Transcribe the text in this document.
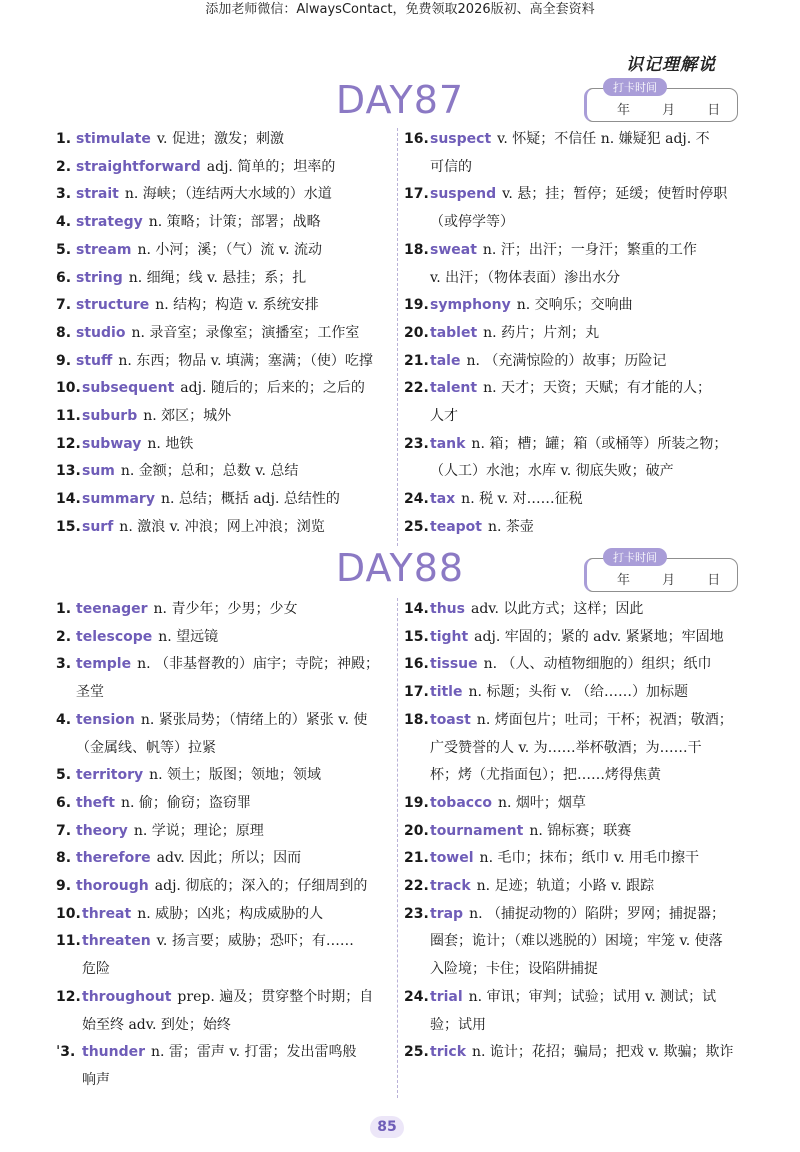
添加老师微信：AlwaysContact，免费领取2026版初、高全套资料
识记理解说
DAY87	打卡时间
年 月 日
1. stimulate v. 促进；激发；刺激
2. straightforward adj. 简单的；坦率的
3. strait n. 海峡；（连结两大水域的）水道
4. strategy n. 策略；计策；部署；战略
5. stream n. 小河；溪；（气）流 v. 流动
6. string n. 细绳；线 v. 悬挂；系；扎
7. structure n. 结构；构造 v. 系统安排
8. studio n. 录音室；录像室；演播室；工作室
9. stuff n. 东西；物品 v. 填满；塞满；（使）吃撑
10. subsequent adj. 随后的；后来的；之后的
11. suburb n. 郊区；城外
12. subway n. 地铁
13. sum n. 金额；总和；总数 v. 总结
14. summary n. 总结；概括 adj. 总结性的
15. surf n. 激浪 v. 冲浪；网上冲浪；浏览
16. suspect v. 怀疑；不信任 n. 嫌疑犯 adj. 不
可信的
17. suspend v. 悬；挂；暂停；延缓；使暂时停职
（或停学等）
18. sweat n. 汗；出汗；一身汗；繁重的工作
v. 出汗；（物体表面）渗出水分
19. symphony n. 交响乐；交响曲
20. tablet n. 药片；片剂；丸
21. tale n. （充满惊险的）故事；历险记
22. talent n. 天才；天资；天赋；有才能的人；
人才
23. tank n. 箱；槽；罐；箱（或桶等）所装之物；
（人工）水池；水库 v. 彻底失败；破产
24. tax n. 税 v. 对……征税
25. teapot n. 茶壶
DAY88	打卡时间
年 月 日
1. teenager n. 青少年；少男；少女
2. telescope n. 望远镜
3. temple n. （非基督教的）庙宇；寺院；神殿；
圣堂
4. tension n. 紧张局势；（情绪上的）紧张 v. 使
（金属线、帆等）拉紧
5. territory n. 领土；版图；领地；领域
6. theft n. 偷；偷窃；盗窃罪
7. theory n. 学说；理论；原理
8. therefore adv. 因此；所以；因而
9. thorough adj. 彻底的；深入的；仔细周到的
10. threat n. 威胁；凶兆；构成威胁的人
11. threaten v. 扬言要；威胁；恐吓；有……
危险
12. throughout prep. 遍及；贯穿整个时期；自
始至终 adv. 到处；始终
ˈ3. thunder n. 雷；雷声 v. 打雷；发出雷鸣般
响声
14. thus adv. 以此方式；这样；因此
15. tight adj. 牢固的；紧的 adv. 紧紧地；牢固地
16. tissue n. （人、动植物细胞的）组织；纸巾
17. title n. 标题；头衔 v. （给……）加标题
18. toast n. 烤面包片；吐司；干杯；祝酒；敬酒；
广受赞誉的人 v. 为……举杯敬酒；为……干
杯；烤（尤指面包）；把……烤得焦黄
19. tobacco n. 烟叶；烟草
20. tournament n. 锦标赛；联赛
21. towel n. 毛巾；抹布；纸巾 v. 用毛巾擦干
22. track n. 足迹；轨道；小路 v. 跟踪
23. trap n. （捕捉动物的）陷阱；罗网；捕捉器；
圈套；诡计；（难以逃脱的）困境；牢笼 v. 使落
入险境；卡住；设陷阱捕捉
24. trial n. 审讯；审判；试验；试用 v. 测试；试
验；试用
25. trick n. 诡计；花招；骗局；把戏 v. 欺骗；欺诈
85
